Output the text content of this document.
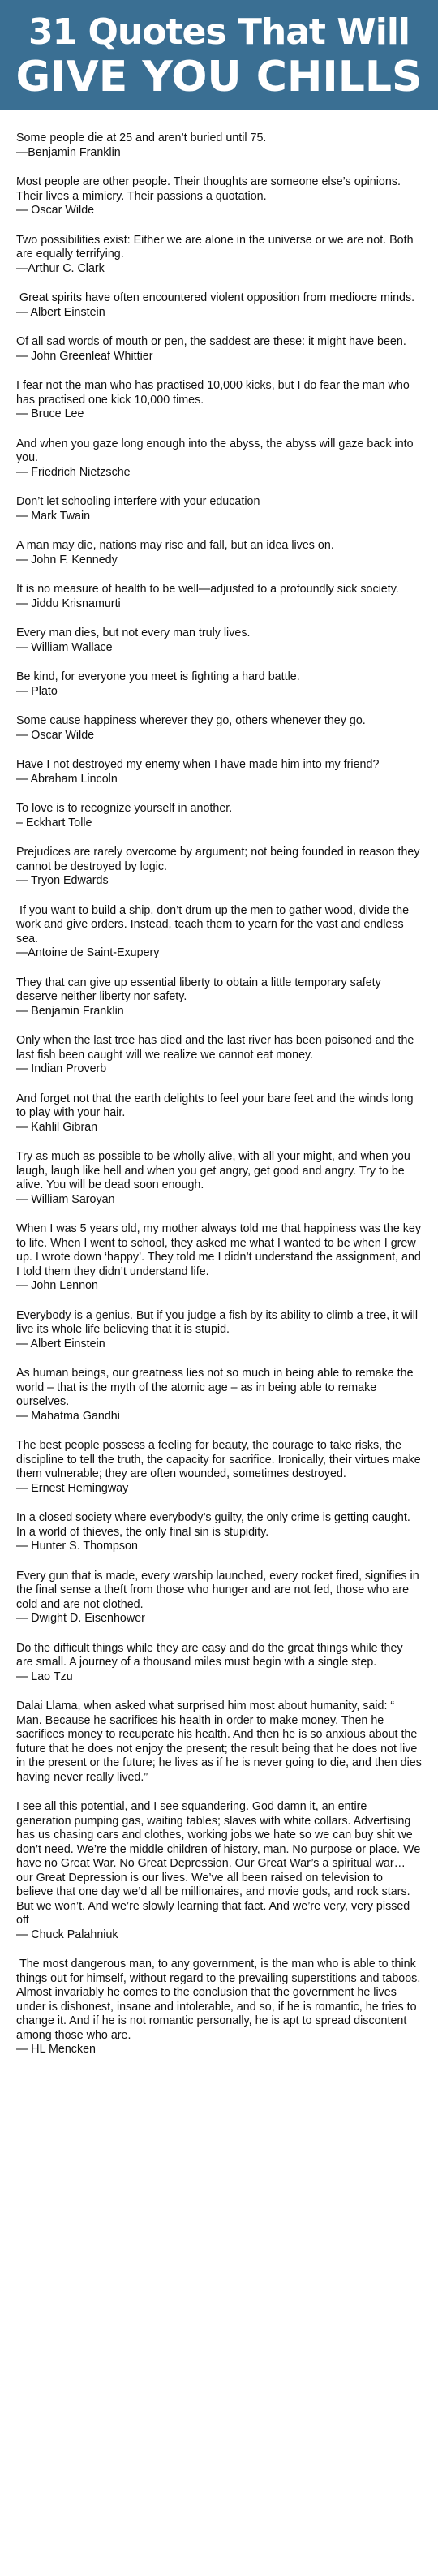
31 Quotes That Will
GIVE YOU CHILLS
Some people die at 25 and aren’t buried until 75.
—Benjamin Franklin
Most people are other people. Their thoughts are someone else’s opinions. Their lives a mimicry. Their passions a quotation.
— Oscar Wilde
Two possibilities exist: Either we are alone in the universe or we are not. Both are equally terrifying.
—Arthur C. Clark
Great spirits have often encountered violent opposition from mediocre minds.
— Albert Einstein
Of all sad words of mouth or pen, the saddest are these: it might have been.
— John Greenleaf Whittier
I fear not the man who has practised 10,000 kicks, but I do fear the man who has practised one kick 10,000 times.
— Bruce Lee
And when you gaze long enough into the abyss, the abyss will gaze back into you.
— Friedrich Nietzsche
Don’t let schooling interfere with your education
— Mark Twain
A man may die, nations may rise and fall, but an idea lives on.
— John F. Kennedy
It is no measure of health to be well—adjusted to a profoundly sick society.
— Jiddu Krisnamurti
Every man dies, but not every man truly lives.
— William Wallace
Be kind, for everyone you meet is fighting a hard battle.
— Plato
Some cause happiness wherever they go, others whenever they go.
— Oscar Wilde
Have I not destroyed my enemy when I have made him into my friend?
— Abraham Lincoln
To love is to recognize yourself in another.
– Eckhart Tolle
Prejudices are rarely overcome by argument; not being founded in reason they cannot be destroyed by logic.
— Tryon Edwards
If you want to build a ship, don’t drum up the men to gather wood, divide the work and give orders. Instead, teach them to yearn for the vast and endless sea.
—Antoine de Saint-Exupery
They that can give up essential liberty to obtain a little temporary safety deserve neither liberty nor safety.
— Benjamin Franklin
Only when the last tree has died and the last river has been poisoned and the last fish been caught will we realize we cannot eat money.
— Indian Proverb
And forget not that the earth delights to feel your bare feet and the winds long to play with your hair.
— Kahlil Gibran
Try as much as possible to be wholly alive, with all your might, and when you laugh, laugh like hell and when you get angry, get good and angry. Try to be alive. You will be dead soon enough.
— William Saroyan
When I was 5 years old, my mother always told me that happiness was the key to life. When I went to school, they asked me what I wanted to be when I grew up. I wrote down ‘happy’. They told me I didn’t understand the assignment, and I told them they didn’t understand life.
— John Lennon
Everybody is a genius. But if you judge a fish by its ability to climb a tree, it will live its whole life believing that it is stupid.
— Albert Einstein
As human beings, our greatness lies not so much in being able to remake the world – that is the myth of the atomic age – as in being able to remake ourselves.
— Mahatma Gandhi
The best people possess a feeling for beauty, the courage to take risks, the discipline to tell the truth, the capacity for sacrifice. Ironically, their virtues make them vulnerable; they are often wounded, sometimes destroyed.
— Ernest Hemingway
In a closed society where everybody’s guilty, the only crime is getting caught. In a world of thieves, the only final sin is stupidity.
— Hunter S. Thompson
Every gun that is made, every warship launched, every rocket fired, signifies in the final sense a theft from those who hunger and are not fed, those who are cold and are not clothed.
— Dwight D. Eisenhower
Do the difficult things while they are easy and do the great things while they are small. A journey of a thousand miles must begin with a single step.
— Lao Tzu
Dalai Llama, when asked what surprised him most about humanity, said: “ Man. Because he sacrifices his health in order to make money. Then he sacrifices money to recuperate his health. And then he is so anxious about the future that he does not enjoy the present; the result being that he does not live in the present or the future; he lives as if he is never going to die, and then dies having never really lived.”
I see all this potential, and I see squandering. God damn it, an entire generation pumping gas, waiting tables; slaves with white collars. Advertising has us chasing cars and clothes, working jobs we hate so we can buy shit we don’t need. We’re the middle children of history, man. No purpose or place. We have no Great War. No Great Depression. Our Great War’s a spiritual war… our Great Depression is our lives. We’ve all been raised on television to believe that one day we’d all be millionaires, and movie gods, and rock stars. But we won’t. And we’re slowly learning that fact. And we’re very, very pissed off
— Chuck Palahniuk
The most dangerous man, to any government, is the man who is able to think things out for himself, without regard to the prevailing superstitions and taboos. Almost invariably he comes to the conclusion that the government he lives under is dishonest, insane and intolerable, and so, if he is romantic, he tries to change it. And if he is not romantic personally, he is apt to spread discontent among those who are.
— HL Mencken
